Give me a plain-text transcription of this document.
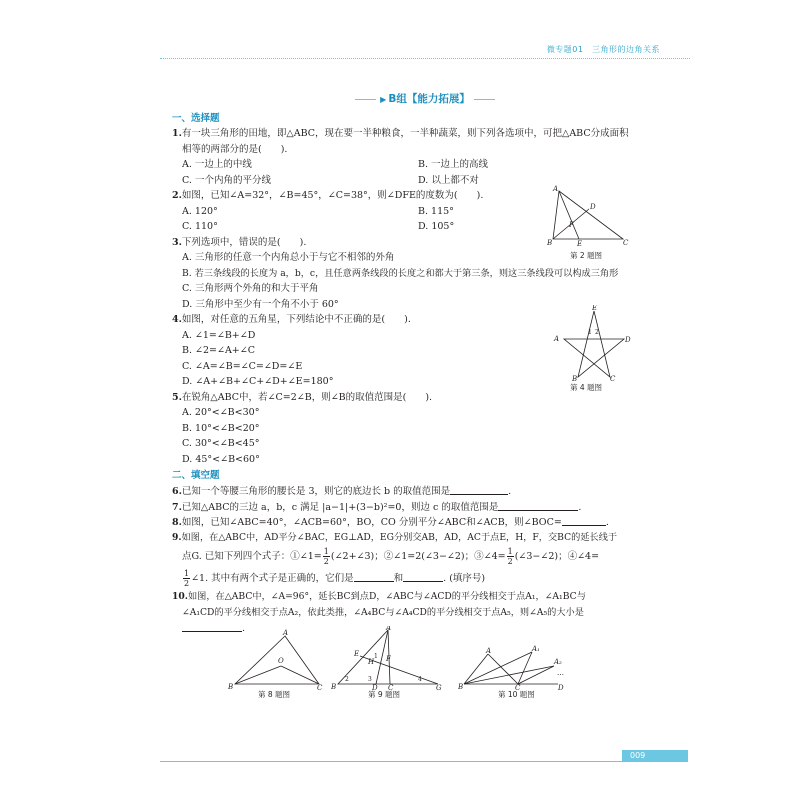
微专题01　三角形的边角关系
▶ B组【能力拓展】
一、选择题
1.有一块三角形的田地，即△ABC，现在要一半种粮食，一半种蔬菜，则下列各选项中，可把△ABC分成面积
相等的两部分的是(　　).
A. 一边上的中线	B. 一边上的高线
C. 一个内角的平分线	D. 以上都不对
2.如图，已知∠A=32°，∠B=45°，∠C=38°，则∠DFE的度数为(　　).
A. 120°	B. 115°
C. 110°	D. 105°
3.下列选项中，错误的是(　　).
A. 三角形的任意一个内角总小于与它不相邻的外角
B. 若三条线段的长度为 a，b，c，且任意两条线段的长度之和都大于第三条，则这三条线段可以构成三角形
C. 三角形两个外角的和大于平角
D. 三角形中至少有一个角不小于 60°
4.如图，对任意的五角星，下列结论中不正确的是(　　).
A. ∠1=∠B+∠D
B. ∠2=∠A+∠C
C. ∠A=∠B=∠C=∠D=∠E
D. ∠A+∠B+∠C+∠D+∠E=180°
5.在锐角△ABC中，若∠C=2∠B，则∠B的取值范围是(　　).
A. 20°<∠B<30°
B. 10°<∠B<20°
C. 30°<∠B<45°
D. 45°<∠B<60°
二、填空题
6.已知一个等腰三角形的腰长是 3，则它的底边长 b 的取值范围是	.
7.已知△ABC的三边 a，b，c 满足 |a−1|+(3−b)²=0，则边 c 的取值范围是	.
8.如图，已知∠ABC=40°，∠ACB=60°，BO，CO 分别平分∠ABC和∠ACB，则∠BOC=	.
9.如图，在△ABC中，AD平分∠BAC，EG⊥AD，EG分别交AB，AD，AC于点E，H，F，交BC的延长线于
点G. 已知下列四个式子：①∠1= $\frac{1}{2}$ (∠2+∠3)；②∠1=2(∠3−∠2)；③∠4= $\frac{1}{2}$ (∠3−∠2)；④∠4=
$\frac{1}{2}$ ∠1. 其中有两个式子是正确的，它们是	和	. (填序号)
10.如图，在△ABC中，∠A=96°，延长BC到点D，∠ABC与∠ACD的平分线相交于点A₁，∠A₁BC与
∠A₁CD的平分线相交于点A₂，依此类推，∠A₄BC与∠A₄CD的平分线相交于点A₅，则∠A₅的大小是
.
A
D
F
B	E	C
第 2 题图
E
A	D
B	C
1 2
第 4 题图
A
O
B	C
第 8 题图
A
E
H F
B	D C	G
2	3	4
1
第 9 题图
A	A₁
A₂
…
B	C	D
第 10 题图
009
